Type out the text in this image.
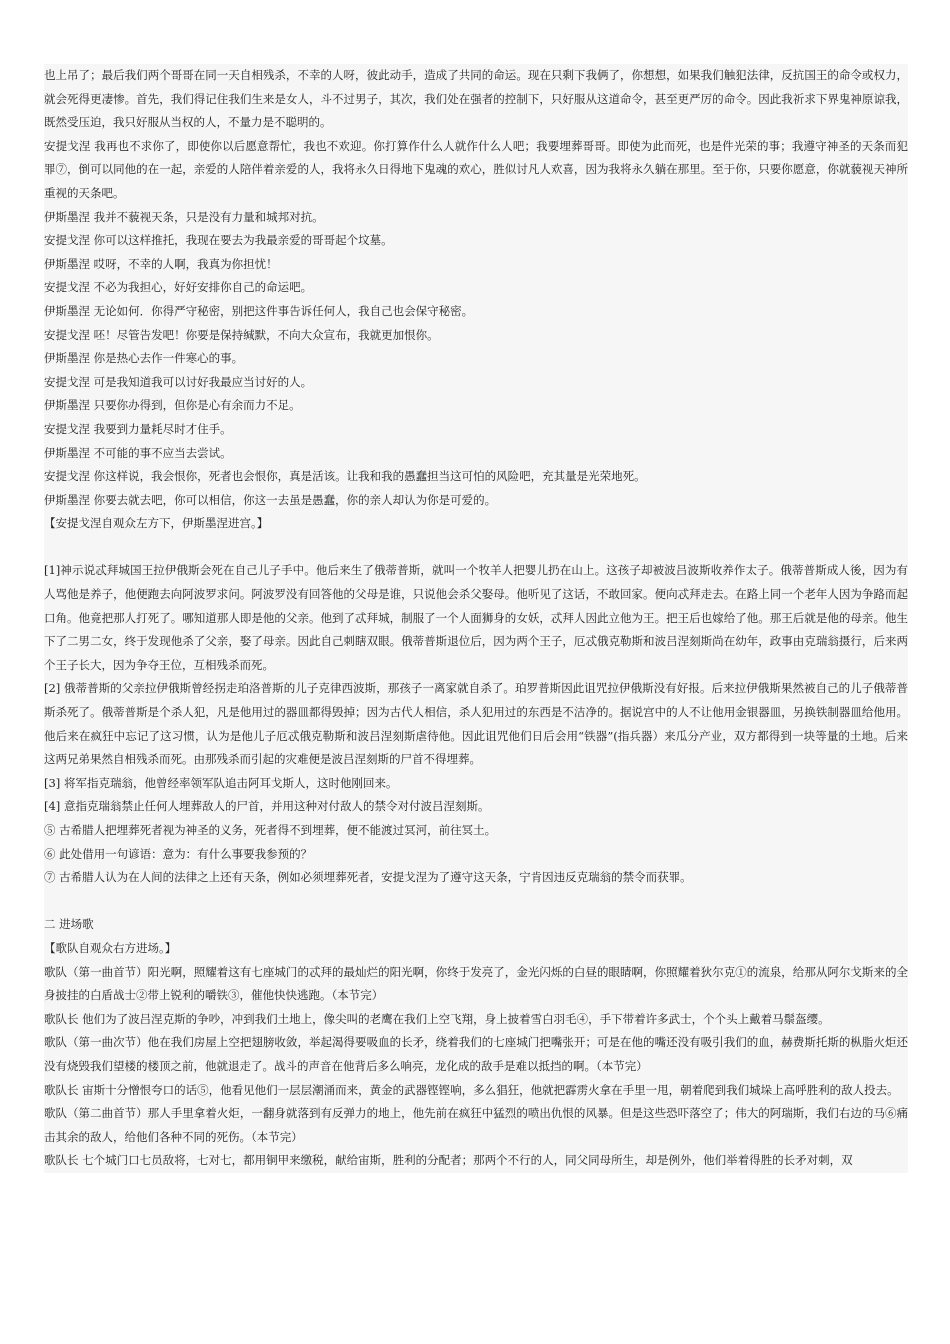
也上吊了；最后我们两个哥哥在同一天自相残杀，不幸的人呀，彼此动手，造成了共同的命运。现在只剩下我俩了，你想想，如果我们触犯法律，反抗国王的命令或权力，就会死得更凄惨。首先，我们得记住我们生来是女人，斗不过男子，其次，我们处在强者的控制下，只好服从这道命令，甚至更严厉的命令。因此我祈求下界鬼神原谅我，既然受压迫，我只好服从当权的人，不量力是不聪明的。

安提戈涅 我再也不求你了，即使你以后愿意帮忙，我也不欢迎。你打算作什么人就作什么人吧；我要埋葬哥哥。即使为此而死，也是件光荣的事；我遵守神圣的天条而犯罪⑦，倒可以同他的在一起，亲爱的人陪伴着亲爱的人，我将永久日得地下鬼魂的欢心，胜似讨凡人欢喜，因为我将永久躺在那里。至于你，只要你愿意，你就藐视天神所重视的天条吧。

伊斯墨涅 我并不藐视天条，只是没有力量和城邦对抗。

安提戈涅 你可以这样推托，我现在要去为我最亲爱的哥哥起个坟墓。

伊斯墨涅 哎呀，不幸的人啊，我真为你担忧！

安提戈涅 不必为我担心，好好安排你自己的命运吧。

伊斯墨涅 无论如何．你得严守秘密，别把这件事告诉任何人，我自己也会保守秘密。

安提戈涅 呸！尽管告发吧！你要是保持缄默，不向大众宣布，我就更加恨你。

伊斯墨涅 你是热心去作一件寒心的事。

安提戈涅 可是我知道我可以讨好我最应当讨好的人。

伊斯墨涅 只要你办得到，但你是心有余而力不足。

安提戈涅 我要到力量耗尽时才住手。

伊斯墨涅 不可能的事不应当去尝试。

安提戈涅 你这样说，我会恨你，死者也会恨你，真是活该。让我和我的愚蠢担当这可怕的风险吧，充其量是光荣地死。

伊斯墨涅 你要去就去吧，你可以相信，你这一去虽是愚蠢，你的亲人却认为你是可爱的。

【安提戈涅自观众左方下，伊斯墨涅进宫。】

[1]神示说忒拜城国王拉伊俄斯会死在自己儿子手中。他后来生了俄蒂普斯，就叫一个牧羊人把婴儿扔在山上。这孩子却被波吕波斯收养作太子。俄蒂普斯成人後，因为有人骂他是养子，他便跑去向阿波罗求问。阿波罗没有回答他的父母是谁，只说他会杀父娶母。他听见了这话，不敢回家。便向忒拜走去。在路上同一个老年人因为争路而起口角。他竟把那人打死了。哪知道那人即是他的父亲。他到了忒拜城，制服了一个人面狮身的女妖，忒拜人因此立他为王。把王后也嫁给了他。那王后就是他的母亲。他生下了二男二女，终于发现他杀了父亲，娶了母亲。因此自己刺瞎双眼。俄蒂普斯退位后，因为两个王子，厄忒俄克勒斯和波吕涅刻斯尚在幼年，政事由克瑞翁摄行，后来两个王子长大，因为争夺王位，互相残杀而死。

[2] 俄蒂普斯的父亲拉伊俄斯曾经拐走珀洛普斯的儿子克律西波斯，那孩子一离家就自杀了。珀罗普斯因此诅咒拉伊俄斯没有好报。后来拉伊俄斯果然被自己的儿子俄蒂普斯杀死了。俄蒂普斯是个杀人犯，凡是他用过的器皿都得毁掉；因为古代人相信，杀人犯用过的东西是不洁净的。据说宫中的人不让他用金银器皿，另换铁制器皿给他用。他后来在疯狂中忘记了这习惯，认为是他儿子厄忒俄克勒斯和波吕涅刻斯虐待他。因此诅咒他们日后会用“铁器”(指兵器）来瓜分产业，双方都得到一块等量的土地。后来这两兄弟果然自相残杀而死。由那残杀而引起的灾难便是波吕涅刻斯的尸首不得埋葬。

[3] 将军指克瑞翁，他曾经率领军队追击阿耳戈斯人，这时他刚回来。

[4] 意指克瑞翁禁止任何人埋葬敌人的尸首，并用这种对付敌人的禁令对付波吕涅刻斯。

⑤ 古希腊人把埋葬死者视为神圣的义务，死者得不到埋葬，便不能渡过冥河，前往冥土。

⑥ 此处借用一句谚语：意为：有什么事要我参预的？

⑦ 古希腊人认为在人间的法律之上还有天条，例如必须埋葬死者，安提戈涅为了遵守这天条，宁肯因违反克瑞翁的禁令而获罪。

二 进场歌

【歌队自观众右方进场。】

歌队（第一曲首节）阳光啊，照耀着这有七座城门的忒拜的最灿烂的阳光啊，你终于发亮了，金光闪烁的白昼的眼睛啊，你照耀着狄尔克①的流泉，给那从阿尔戈斯来的全身披挂的白盾战士②带上锐利的嚼铁③，催他快快逃跑。（本节完）

歌队长 他们为了波吕涅克斯的争吵，冲到我们土地上，像尖叫的老鹰在我们上空飞翔，身上披着雪白羽毛④，手下带着许多武士，个个头上戴着马鬃盔缨。

歌队（第一曲次节）他在我们房屋上空把翅膀收敛，举起渴得要吸血的长矛，绕着我们的七座城门把嘴张开；可是在他的嘴还没有吸引我们的血，赫费斯托斯的枞脂火炬还没有烧毁我们望楼的楼顶之前，他就退走了。战斗的声音在他背后多么响亮，龙化成的敌手是难以抵挡的啊。（本节完）

歌队长 宙斯十分憎恨夸口的话⑤，他看见他们一层层潮涌而来，黄金的武器铿铿响，多么猖狂，他就把霹雳火拿在手里一甩，朝着爬到我们城垛上高呼胜利的敌人投去。

歌队（第二曲首节）那人手里拿着火炬，一翻身就落到有反弹力的地上，他先前在疯狂中猛烈的喷出仇恨的风暴。但是这些恐吓落空了；伟大的阿瑞斯，我们右边的马⑥痛击其余的敌人，给他们各种不同的死伤。（本节完）

歌队长 七个城门口七员敌将，七对七，都用铜甲来缴税，献给宙斯，胜利的分配者；那两个不行的人，同父同母所生，却是例外，他们举着得胜的长矛对刺，双
